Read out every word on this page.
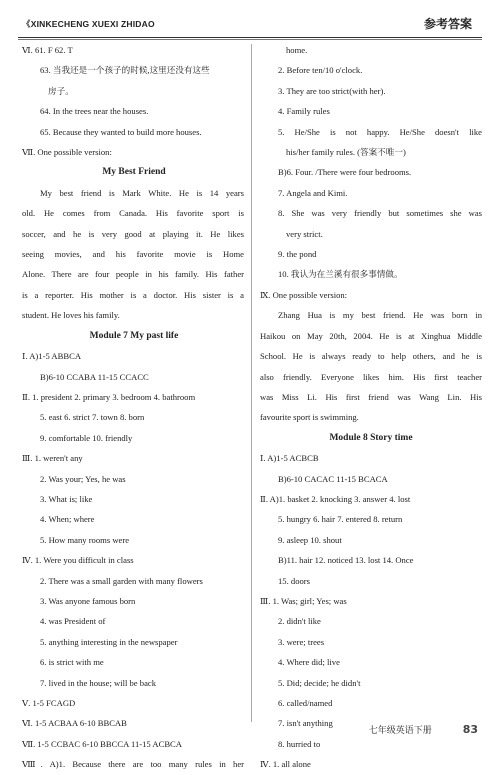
《XINKECHENG XUEXI ZHIDAO	参考答案
Ⅵ. 61. F 62. T
63. 当我还是一个孩子的时候,这里还没有这些
房子。
64. In the trees near the houses.
65. Because they wanted to build more houses.
Ⅶ. One possible version:
My Best Friend
My best friend is Mark White. He is 14 years
old. He comes from Canada. His favorite sport is
soccer, and he is very good at playing it. He likes
seeing movies, and his favorite movie is Home
Alone. There are four people in his family. His father
is a reporter. His mother is a doctor. His sister is a
student. He loves his family.
Module 7 My past life
Ⅰ. A)1-5 ABBCA
B)6-10 CCABA 11-15 CCACC
Ⅱ. 1. president 2. primary 3. bedroom 4. bathroom
5. east 6. strict 7. town 8. born
9. comfortable 10. friendly
Ⅲ. 1. weren't any
2. Was your; Yes, he was
3. What is; like
4. When; where
5. How many rooms were
Ⅳ. 1. Were you difficult in class
2. There was a small garden with many flowers
3. Was anyone famous born
4. was President of
5. anything interesting in the newspaper
6. is strict with me
7. lived in the house; will be back
Ⅴ. 1-5 FCAGD
Ⅵ. 1-5 ACBAA 6-10 BBCAB
Ⅶ. 1-5 CCBAC 6-10 BBCCA 11-15 ACBCA
Ⅷ. A)1. Because there are too many rules in her
home.
2. Before ten/10 o'clock.
3. They are too strict(with her).
4. Family rules
5. He/She is not happy. He/She doesn't like
his/her family rules. (答案不唯一)
B)6. Four. /There were four bedrooms.
7. Angela and Kimi.
8. She was very friendly but sometimes she was
very strict.
9. the pond
10. 我认为在兰溪有很多事情做。
Ⅸ. One possible version:
Zhang Hua is my best friend. He was born in
Haikou on May 20th, 2004. He is at Xinghua Middle
School. He is always ready to help others, and he is
also friendly. Everyone likes him. His first teacher
was Miss Li. His first friend was Wang Lin. His
favourite sport is swimming.
Module 8 Story time
Ⅰ. A)1-5 ACBCB
B)6-10 CACAC 11-15 BCACA
Ⅱ. A)1. basket 2. knocking 3. answer 4. lost
5. hungry 6. hair 7. entered 8. return
9. asleep 10. shout
B)11. hair 12. noticed 13. lost 14. Once
15. doors
Ⅲ. 1. Was; girl; Yes; was
2. didn't like
3. were; trees
4. Where did; live
5. Did; decide; he didn't
6. called/named
7. isn't anything
8. hurried to
Ⅳ. 1. all alone
七年级英语下册	83
